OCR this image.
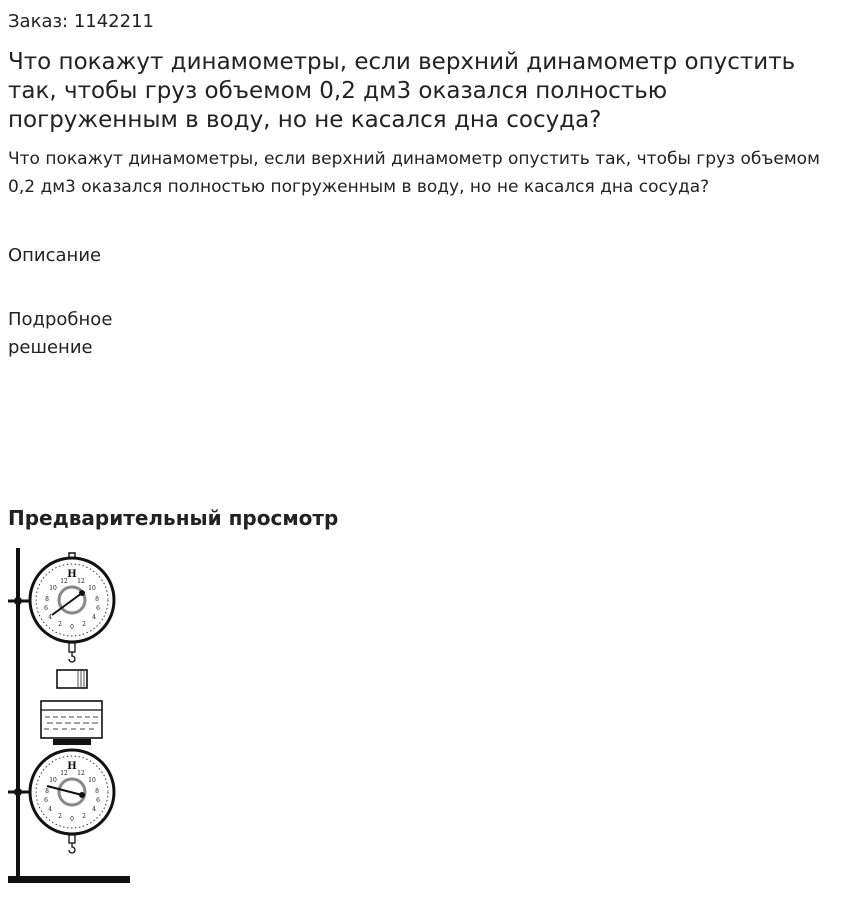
Заказ: 1142211
Что покажут динамометры, если верхний динамометр опустить так, чтобы груз объемом 0,2 дм3 оказался полностью погруженным в воду, но не касался дна сосуда?

Что покажут динамометры, если верхний динамометр опустить так, чтобы груз объемом 0,2 дм3 оказался полностью погруженным в воду, но не касался дна сосуда?

Описание
Подробное решение
Предварительный просмотр
Н
12 12
10	10
8	8
6	6
4	4
2	2
0
Н
12 12
10	10
8	8
6	6
4	4
2	2
0
